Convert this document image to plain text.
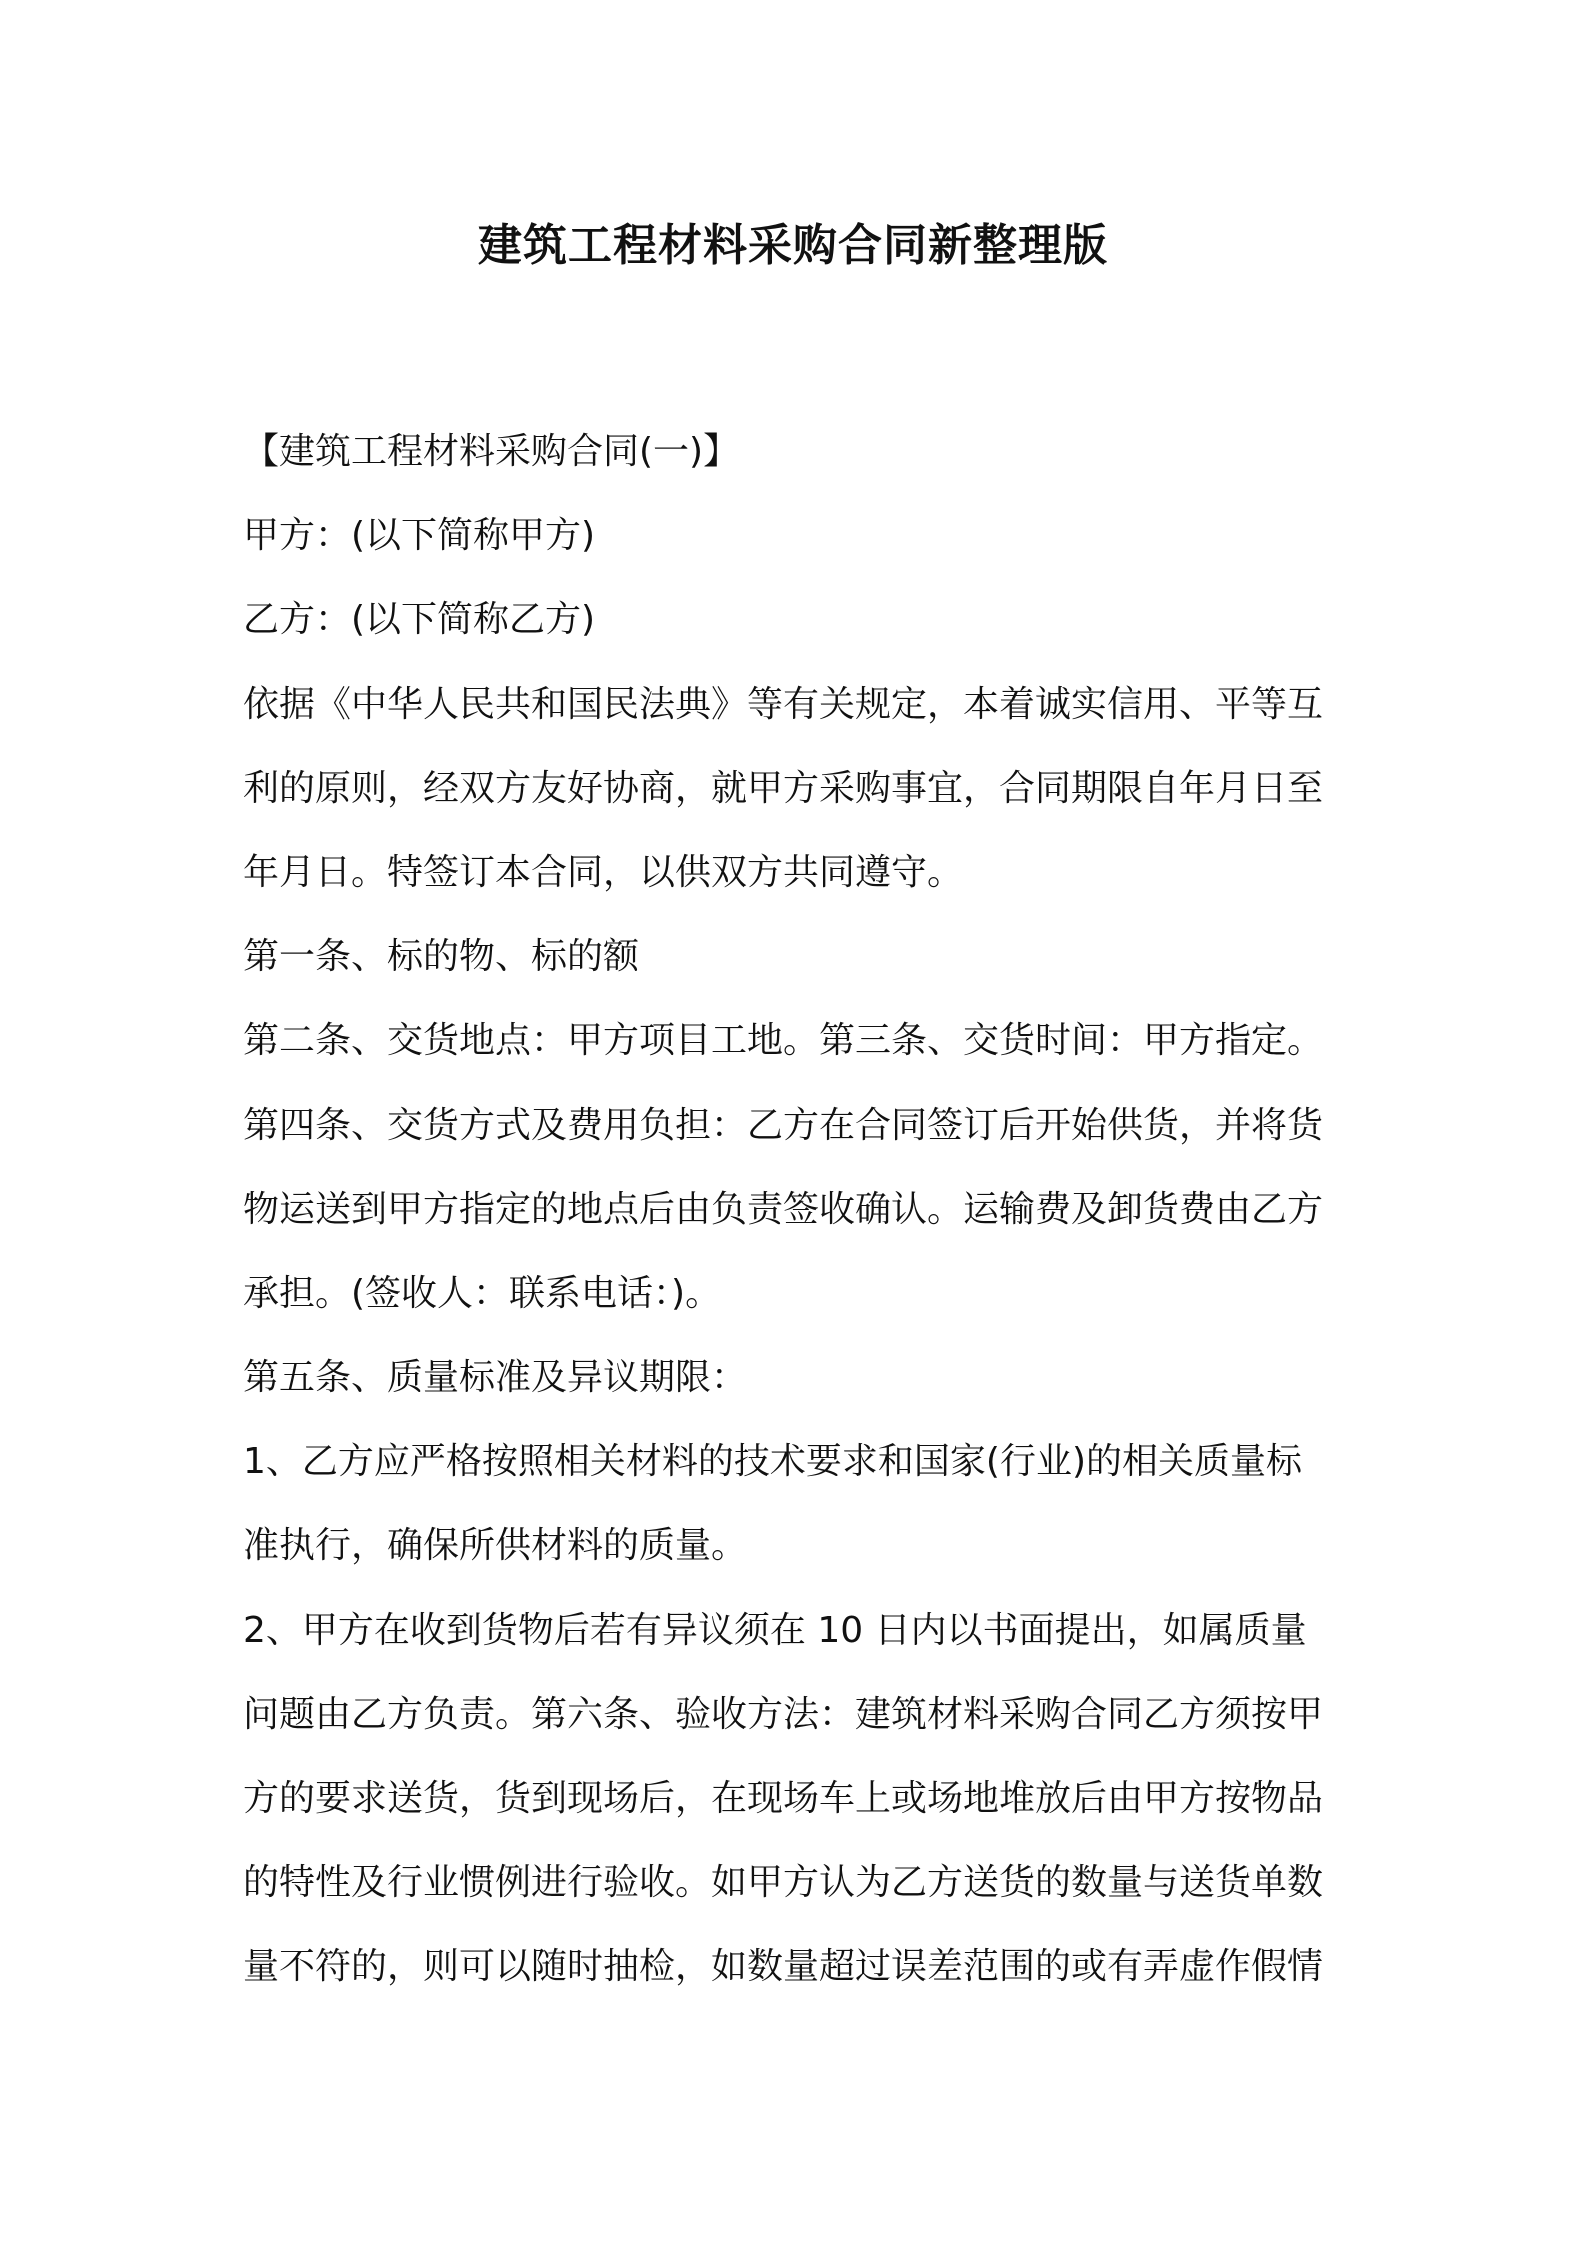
建筑工程材料采购合同新整理版
【建筑工程材料采购合同(一)】
甲方：(以下简称甲方)
乙方：(以下简称乙方)
依据《中华人民共和国民法典》等有关规定，本着诚实信用、平等互
利的原则，经双方友好协商，就甲方采购事宜，合同期限自年月日至
年月日。特签订本合同，以供双方共同遵守。
第一条、标的物、标的额
第二条、交货地点：甲方项目工地。第三条、交货时间：甲方指定。
第四条、交货方式及费用负担：乙方在合同签订后开始供货，并将货
物运送到甲方指定的地点后由负责签收确认。运输费及卸货费由乙方
承担。(签收人：联系电话：)。
第五条、质量标准及异议期限：
1、乙方应严格按照相关材料的技术要求和国家(行业)的相关质量标
准执行，确保所供材料的质量。
2、甲方在收到货物后若有异议须在 10 日内以书面提出，如属质量
问题由乙方负责。第六条、验收方法：建筑材料采购合同乙方须按甲
方的要求送货，货到现场后，在现场车上或场地堆放后由甲方按物品
的特性及行业惯例进行验收。如甲方认为乙方送货的数量与送货单数
量不符的，则可以随时抽检，如数量超过误差范围的或有弄虚作假情
